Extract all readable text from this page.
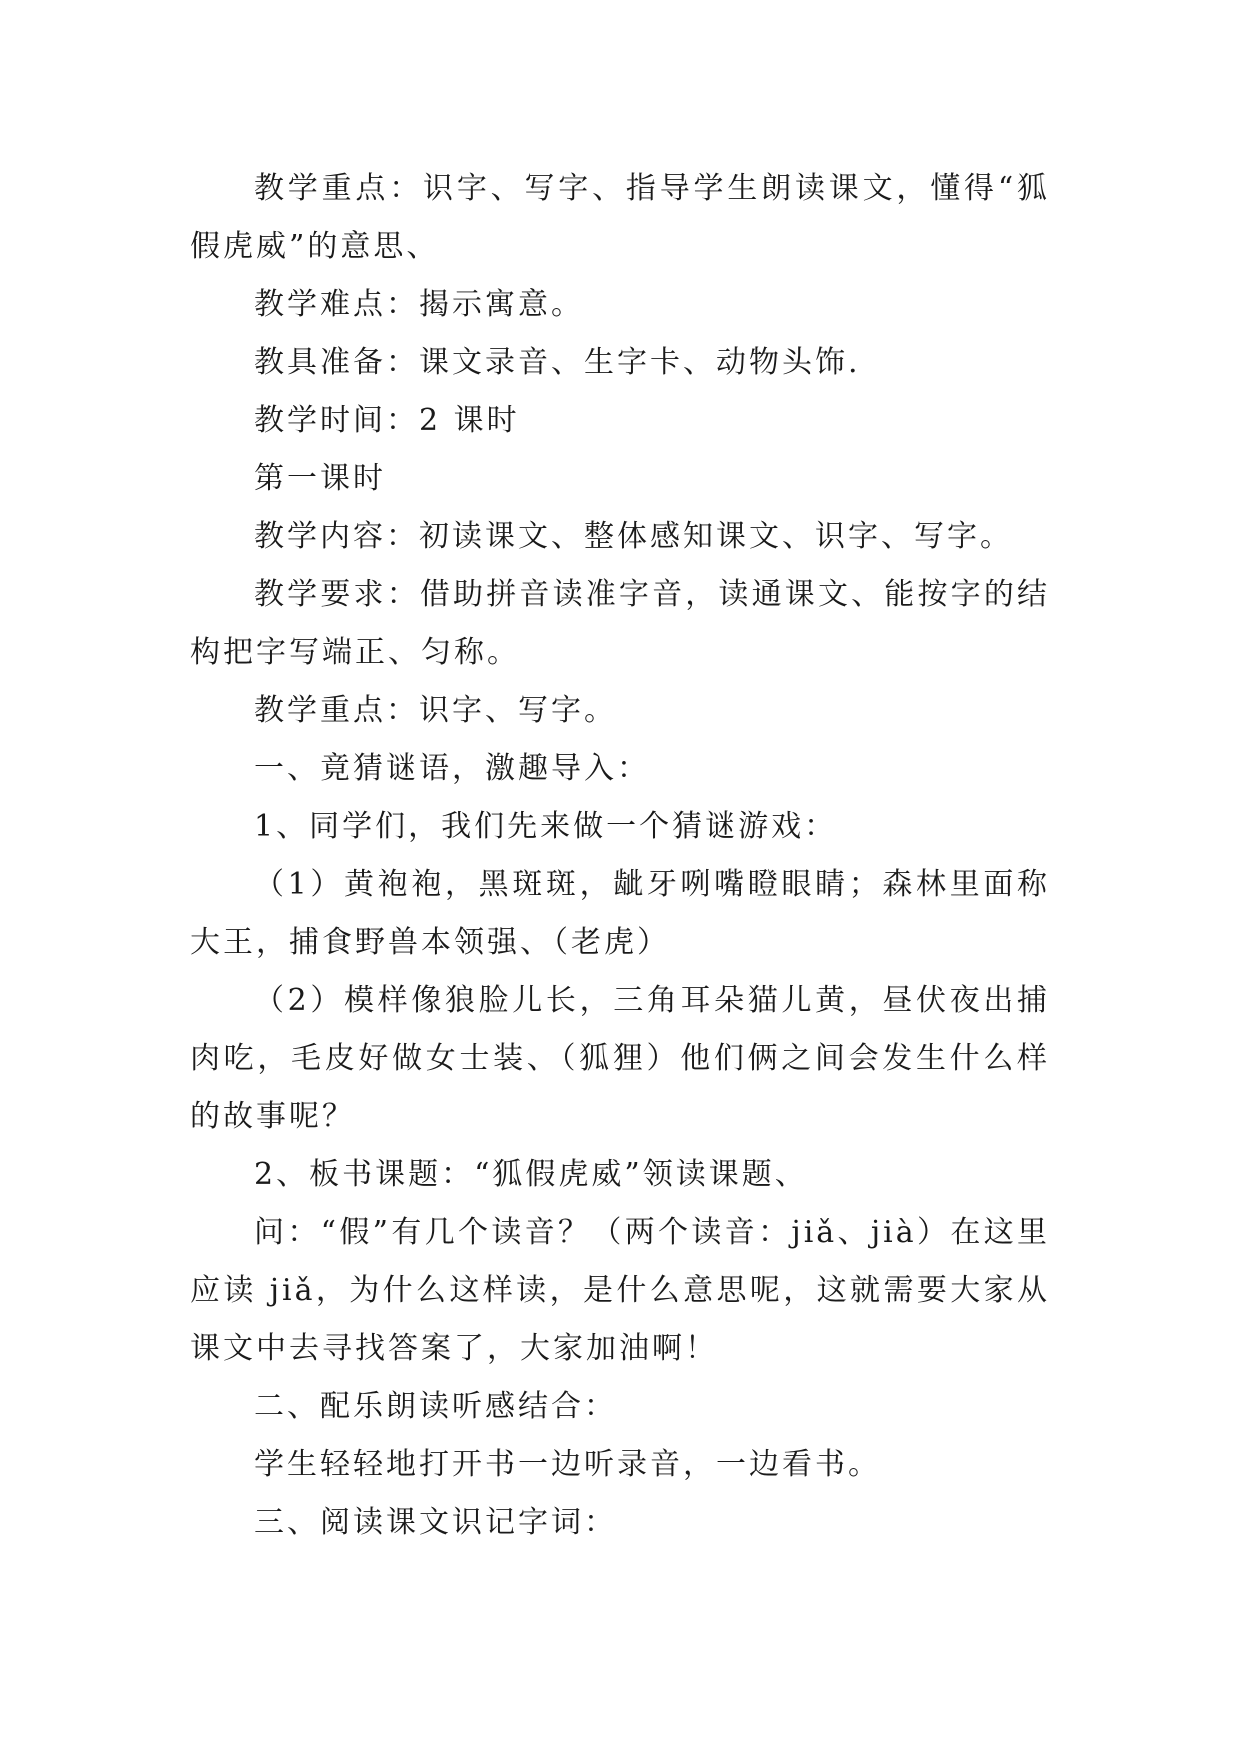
教学重点：识字、写字、指导学生朗读课文，懂得“狐假虎威”的意思、

教学难点：揭示寓意。

教具准备：课文录音、生字卡、动物头饰.

教学时间：2 课时

第一课时

教学内容：初读课文、整体感知课文、识字、写字。

教学要求：借助拼音读准字音，读通课文、能按字的结构把字写端正、匀称。

教学重点：识字、写字。

一、竟猜谜语，激趣导入：

1、同学们，我们先来做一个猜谜游戏：

（1）黄袍袍，黑斑斑，龇牙咧嘴瞪眼睛；森林里面称大王，捕食野兽本领强、（老虎）

（2）模样像狼脸儿长，三角耳朵猫儿黄，昼伏夜出捕肉吃，毛皮好做女士装、（狐狸）他们俩之间会发生什么样的故事呢？

2、板书课题：“狐假虎威”领读课题、

问：“假”有几个读音？（两个读音：jiǎ、jià）在这里应读 jiǎ，为什么这样读，是什么意思呢，这就需要大家从课文中去寻找答案了，大家加油啊！

二、配乐朗读听感结合：

学生轻轻地打开书一边听录音，一边看书。

三、阅读课文识记字词：
